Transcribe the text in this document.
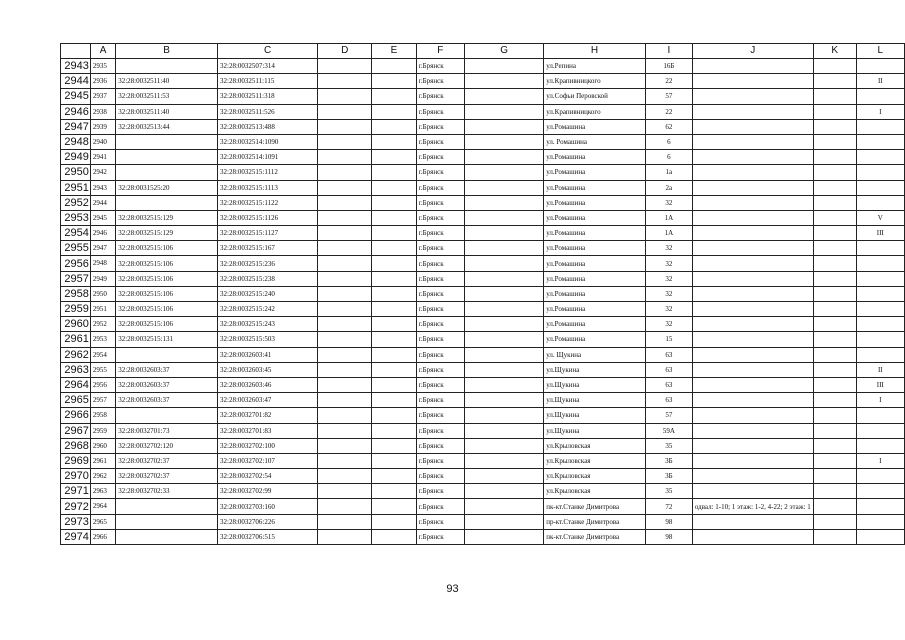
	A	B	C	D	E	F	G	H	I	J	K	L
2943	2935		32:28:0032507:314			г.Брянск		ул.Репина	16Б			
2944	2936	32:28:0032511:40	32:28:0032511:115			г.Брянск		ул.Крапивницкого	22			II
2945	2937	32:28:0032511:53	32:28:0032511:318			г.Брянск		ул.Софьи Перовской	57			
2946	2938	32:28:0032511:40	32:28:0032511:526			г.Брянск		ул.Крапивницкого	22			I
2947	2939	32:28:0032513:44	32:28:0032513:488			г.Брянск		ул.Ромашина	62			
2948	2940		32:28:0032514:1090			г.Брянск		ул. Ромашина	6			
2949	2941		32:28:0032514:1091			г.Брянск		ул.Ромашина	6			
2950	2942		32:28:0032515:1112			г.Брянск		ул.Ромашина	1а			
2951	2943	32:28:0031525:20	32:28:0032515:1113			г.Брянск		ул.Ромашина	2а			
2952	2944		32:28:0032515:1122			г.Брянск		ул.Ромашина	32			
2953	2945	32:28:0032515:129	32:28:0032515:1126			г.Брянск		ул.Ромашина	1А			V
2954	2946	32:28:0032515:129	32:28:0032515:1127			г.Брянск		ул.Ромашина	1А			III
2955	2947	32:28:0032515:106	32:28:0032515:167			г.Брянск		ул.Ромашина	32			
2956	2948	32:28:0032515:106	32:28:0032515:236			г.Брянск		ул.Ромашина	32			
2957	2949	32:28:0032515:106	32:28:0032515:238			г.Брянск		ул.Ромашина	32			
2958	2950	32:28:0032515:106	32:28:0032515:240			г.Брянск		ул.Ромашина	32			
2959	2951	32:28:0032515:106	32:28:0032515:242			г.Брянск		ул.Ромашина	32			
2960	2952	32:28:0032515:106	32:28:0032515:243			г.Брянск		ул.Ромашина	32			
2961	2953	32:28:0032515:131	32:28:0032515:503			г.Брянск		ул.Ромашина	15			
2962	2954		32:28:0032603:41			г.Брянск		ул. Щукина	63			
2963	2955	32:28:0032603:37	32:28:0032603:45			г.Брянск		ул.Щукина	63			II
2964	2956	32:28:0032603:37	32:28:0032603:46			г.Брянск		ул.Щукина	63			III
2965	2957	32:28:0032603:37	32:28:0032603:47			г.Брянск		ул.Щукина	63			I
2966	2958		32:28:0032701:82			г.Брянск		ул.Щукина	57			
2967	2959	32:28:0032701:73	32:28:0032701:83			г.Брянск		ул.Щукина	59А			
2968	2960	32:28:0032702:120	32:28:0032702:100			г.Брянск		ул.Крыловская	35			
2969	2961	32:28:0032702:37	32:28:0032702:107			г.Брянск		ул.Крыловская	3Б			I
2970	2962	32:28:0032702:37	32:28:0032702:54			г.Брянск		ул.Крыловская	3Б			
2971	2963	32:28:0032702:33	32:28:0032702:99			г.Брянск		ул.Крыловская	35			
2972	2964		32:28:0032703:160			г.Брянск		пк-кт.Станке Димитрова	72	одвал: 1-10; 1 этаж: 1-2, 4-22; 2 этаж: 1		
2973	2965		32:28:0032706:226			г.Брянск		пр-кт.Станке Димитрова	98			
2974	2966		32:28:0032706:515			г.Брянск		пк-кт.Станке Димитрова	98			
93
